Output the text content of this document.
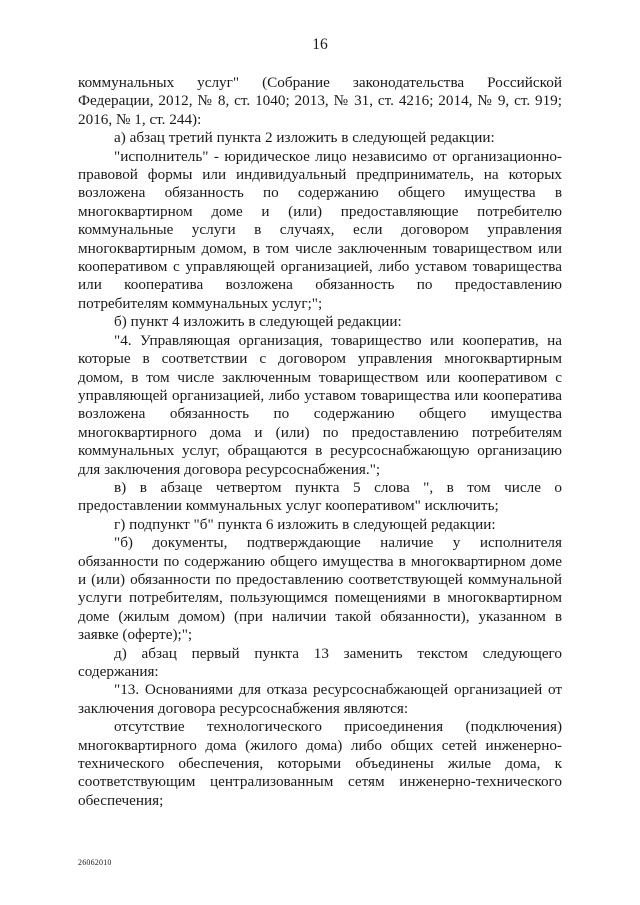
16

коммунальных услуг" (Собрание законодательства Российской Федерации, 2012, № 8, ст. 1040; 2013, № 31, ст. 4216; 2014, № 9, ст. 919; 2016, № 1, ст. 244):

а) абзац третий пункта 2 изложить в следующей редакции:

"исполнитель" - юридическое лицо независимо от организационно-правовой формы или индивидуальный предприниматель, на которых возложена обязанность по содержанию общего имущества в многоквартирном доме и (или) предоставляющие потребителю коммунальные услуги в случаях, если договором управления многоквартирным домом, в том числе заключенным товариществом или кооперативом с управляющей организацией, либо уставом товарищества или кооператива возложена обязанность по предоставлению потребителям коммунальных услуг;";

б) пункт 4 изложить в следующей редакции:

"4. Управляющая организация, товарищество или кооператив, на которые в соответствии с договором управления многоквартирным домом, в том числе заключенным товариществом или кооперативом с управляющей организацией, либо уставом товарищества или кооператива возложена обязанность по содержанию общего имущества многоквартирного дома и (или) по предоставлению потребителям коммунальных услуг, обращаются в ресурсоснабжающую организацию для заключения договора ресурсоснабжения.";

в) в абзаце четвертом пункта 5 слова ", в том числе о предоставлении коммунальных услуг кооперативом" исключить;

г) подпункт "б" пункта 6 изложить в следующей редакции:

"б) документы, подтверждающие наличие у исполнителя обязанности по содержанию общего имущества в многоквартирном доме и (или) обязанности по предоставлению соответствующей коммунальной услуги потребителям, пользующимся помещениями в многоквартирном доме (жилым домом) (при наличии такой обязанности), указанном в заявке (оферте);";

д) абзац первый пункта 13 заменить текстом следующего содержания:

"13. Основаниями для отказа ресурсоснабжающей организацией от заключения договора ресурсоснабжения являются:

отсутствие технологического присоединения (подключения) многоквартирного дома (жилого дома) либо общих сетей инженерно-технического обеспечения, которыми объединены жилые дома, к соответствующим централизованным сетям инженерно-технического обеспечения;

26062010
